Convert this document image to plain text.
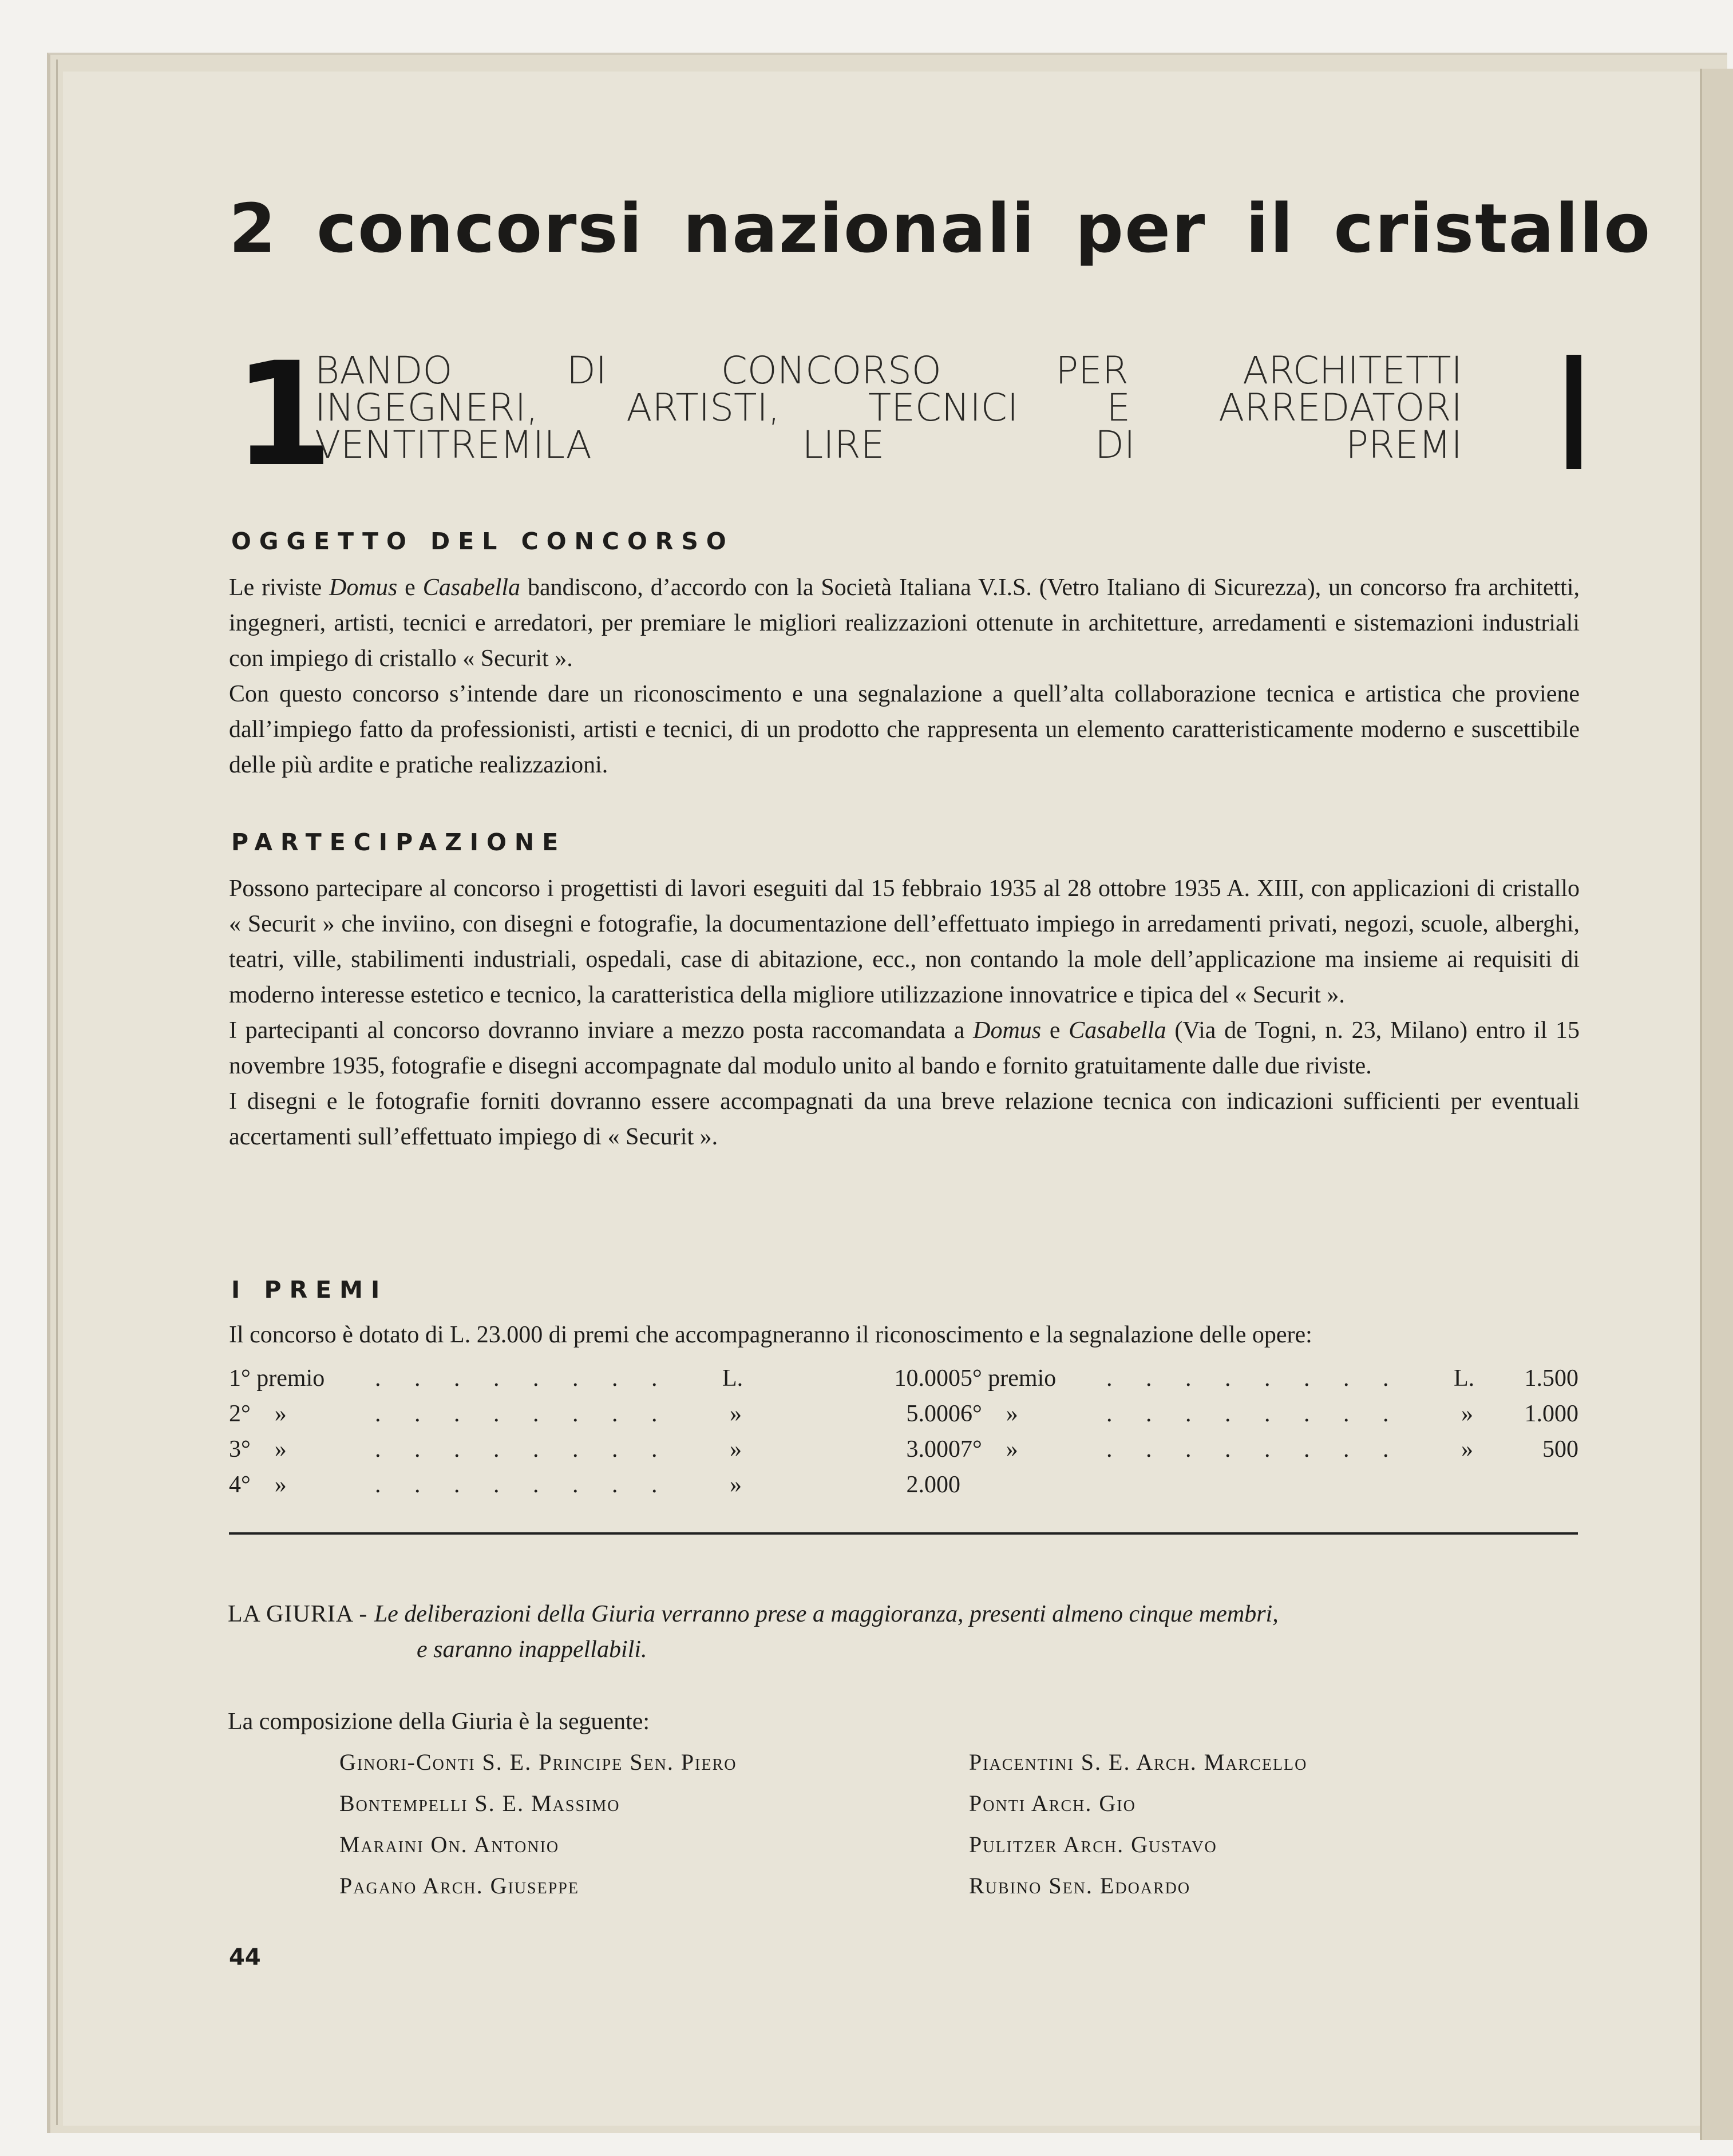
2 concorsi nazionali per il cristallo
1
BANDO	DI	CONCORSO	PER	ARCHITETTI
INGEGNERI, ARTISTI, TECNICI E ARREDATORI
VENTITREMILA	LIRE	DI	PREMI
OGGETTO DEL CONCORSO

Le riviste Domus e Casabella bandiscono, d’accordo con la Società Italiana V.I.S. (Vetro Italiano di Sicurezza), un concorso fra architetti, ingegneri, artisti, tecnici e arredatori, per premiare le migliori realizzazioni ottenute in architetture, arredamenti e sistemazioni industriali con impiego di cristallo « Securit ».

Con questo concorso s’intende dare un riconoscimento e una segnalazione a quell’alta collaborazione tecnica e artistica che proviene dall’impiego fatto da professionisti, artisti e tecnici, di un prodotto che rappresenta un elemento caratteristicamente moderno e suscettibile delle più ardite e pratiche realizzazioni.

PARTECIPAZIONE

Possono partecipare al concorso i progettisti di lavori eseguiti dal 15 febbraio 1935 al 28 ottobre 1935 A. XIII, con applicazioni di cristallo « Securit » che inviino, con disegni e fotografie, la documentazione dell’effettuato impiego in arredamenti privati, negozi, scuole, alberghi, teatri, ville, stabilimenti industriali, ospedali, case di abitazione, ecc., non contando la mole dell’applicazione ma insieme ai requisiti di moderno interesse estetico e tecnico, la caratteristica della migliore utilizzazione innovatrice e tipica del « Securit ».

I partecipanti al concorso dovranno inviare a mezzo posta raccomandata a Domus e Casabella (Via de Togni, n. 23, Milano) entro il 15 novembre 1935, fotografie e disegni accompagnate dal modulo unito al bando e fornito gratuitamente dalle due riviste.

I disegni e le fotografie forniti dovranno essere accompagnati da una breve relazione tecnica con indicazioni sufficienti per eventuali accertamenti sull’effettuato impiego di « Securit ».

I PREMI
Il concorso è dotato di L. 23.000 di premi che accompagneranno il riconoscimento e la segnalazione delle opere:
1° premio . . . . . . . . L.	10.000
2°    »	. . . . . . . . »	5.000
3°    »	. . . . . . . . »	3.000
4°    »	. . . . . . . . »	2.000
5° premio . . . . . . . . L.	1.500
6°    »	. . . . . . . . »	1.000
7°    »	. . . . . . . . »	500
LA GIURIA - Le deliberazioni della Giuria verranno prese a maggioranza, presenti almeno cinque membri,
e saranno inappellabili.
La composizione della Giuria è la seguente:
Ginori-Conti S. E. Principe Sen. Piero
Bontempelli S. E. Massimo
Maraini On. Antonio
Pagano Arch. Giuseppe
Piacentini S. E. Arch. Marcello
Ponti Arch. Gio
Pulitzer Arch. Gustavo
Rubino Sen. Edoardo
44
